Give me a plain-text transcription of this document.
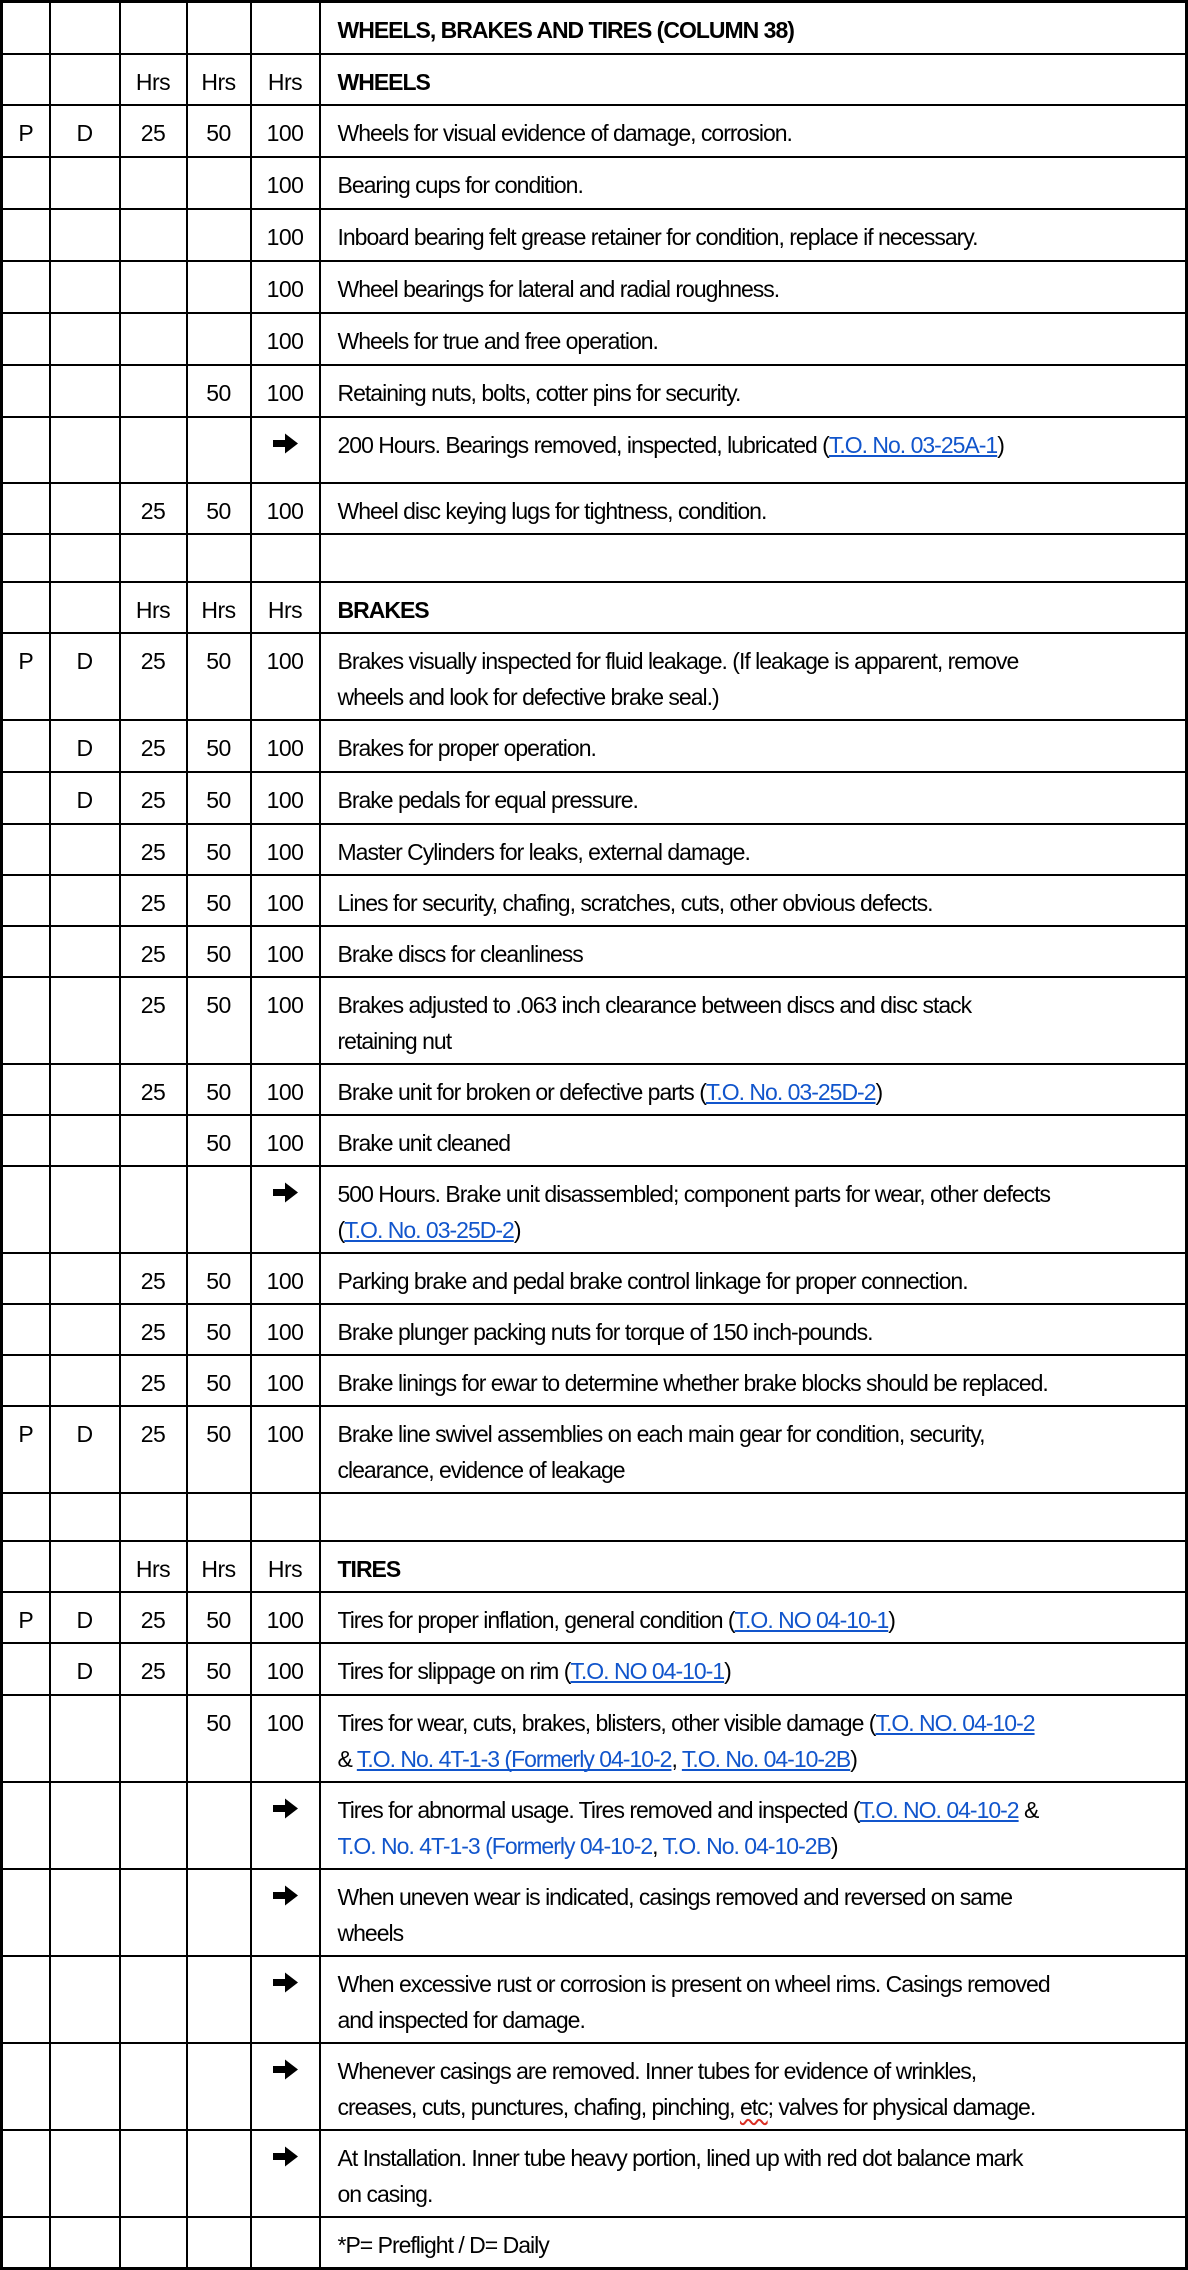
					WHEELS, BRAKES AND TIRES (COLUMN 38)
		Hrs	Hrs	Hrs	WHEELS
P	D	25	50	100	Wheels for visual evidence of damage, corrosion.
				100	Bearing cups for condition.
				100	Inboard bearing felt grease retainer for condition, replace if necessary.
				100	Wheel bearings for lateral and radial roughness.
				100	Wheels for true and free operation.
			50	100	Retaining nuts, bolts, cotter pins for security.
					200 Hours. Bearings removed, inspected, lubricated (T.O. No. 03-25A-1)
		25	50	100	Wheel disc keying lugs for tightness, condition.

		Hrs	Hrs	Hrs	BRAKES
P	D	25	50	100	Brakes visually inspected for fluid leakage. (If leakage is apparent, remove
wheels and look for defective brake seal.)
	D	25	50	100	Brakes for proper operation.
	D	25	50	100	Brake pedals for equal pressure.
		25	50	100	Master Cylinders for leaks, external damage.
		25	50	100	Lines for security, chafing, scratches, cuts, other obvious defects.
		25	50	100	Brake discs for cleanliness
		25	50	100	Brakes adjusted to .063 inch clearance between discs and disc stack
retaining nut
		25	50	100	Brake unit for broken or defective parts (T.O. No. 03-25D-2)
			50	100	Brake unit cleaned
					500 Hours. Brake unit disassembled; component parts for wear, other defects
(T.O. No. 03-25D-2)
		25	50	100	Parking brake and pedal brake control linkage for proper connection.
		25	50	100	Brake plunger packing nuts for torque of 150 inch-pounds.
		25	50	100	Brake linings for ewar to determine whether brake blocks should be replaced.
P	D	25	50	100	Brake line swivel assemblies on each main gear for condition, security,
clearance, evidence of leakage

		Hrs	Hrs	Hrs	TIRES
P	D	25	50	100	Tires for proper inflation, general condition (T.O. NO 04-10-1)
	D	25	50	100	Tires for slippage on rim (T.O. NO 04-10-1)
			50	100	Tires for wear, cuts, brakes, blisters, other visible damage (T.O. NO. 04-10-2
& T.O. No. 4T-1-3 (Formerly 04-10-2, T.O. No. 04-10-2B)
					Tires for abnormal usage. Tires removed and inspected (T.O. NO. 04-10-2 &
T.O. No. 4T-1-3 (Formerly 04-10-2, T.O. No. 04-10-2B)
					When uneven wear is indicated, casings removed and reversed on same
wheels
					When excessive rust or corrosion is present on wheel rims. Casings removed
and inspected for damage.
					Whenever casings are removed. Inner tubes for evidence of wrinkles,
creases, cuts, punctures, chafing, pinching, etc; valves for physical damage.
					At Installation. Inner tube heavy portion, lined up with red dot balance mark
on casing.
					*P= Preflight / D= Daily
